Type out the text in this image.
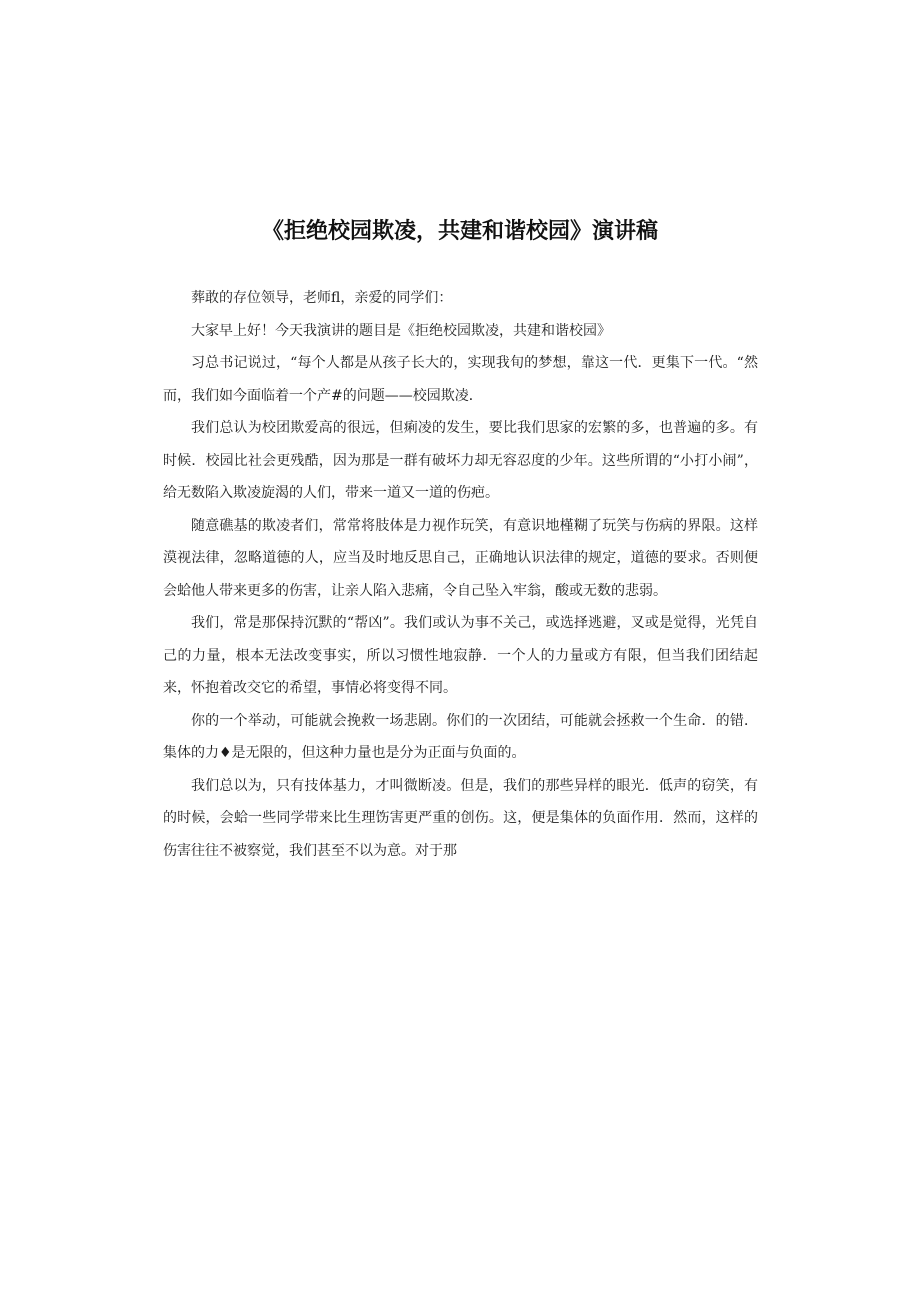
《拒绝校园欺凌，共建和谐校园》演讲稿

葬敢的存位领导，老师fl，亲爱的同学们：

大家早上好！今天我演讲的题目是《拒绝校园欺凌，共建和谐校园》

习总书记说过，“每个人都是从孩子长大的，实现我旬的梦想，靠这一代．更集下一代。“然而，我们如今面临着一个产#的问题——校园欺凌．

我们总认为校团欺爱高的很远，但痢凌的发生，要比我们思家的宏繁的多，也普遍的多。有时候．校园比社会更残酷，因为那是一群有破坏力却无容忍度的少年。这些所谓的“小打小闹”，给无数陷入欺凌旋渴的人们，带来一道又一道的伤疤。

随意礁基的欺凌者们，常常将肢体是力视作玩笑，有意识地槿糊了玩笑与伤病的界限。这样漠视法律，忽略道德的人，应当及时地反思自己，正确地认识法律的规定，道德的要求。否则便会蛤他人带来更多的伤害，让亲人陷入悲痛，令自己坠入牢翁，酸或无数的悲弱。

我们，常是那保持沉默的“帮凶”。我们或认为事不关己，或选择逃避，叉或是觉得，光凭自己的力量，根本无法改变事实，所以习惯性地寂静．一个人的力量或方有限，但当我们团结起来，怀抱着改交它的希望，事情必将变得不同。

你的一个举动，可能就会挽救一场悲剧。你们的一次团结，可能就会拯救一个生命．的错．集体的力♦是无限的，但这种力量也是分为正面与负面的。

我们总以为，只有技体基力，才叫微断凌。但是，我们的那些异样的眼光．低声的窃笑，有的时候，会蛤一些同学带来比生理饬害更严重的创伤。这，便是集体的负面作用．然而，这样的伤害往往不被察觉，我们甚至不以为意。对于那
